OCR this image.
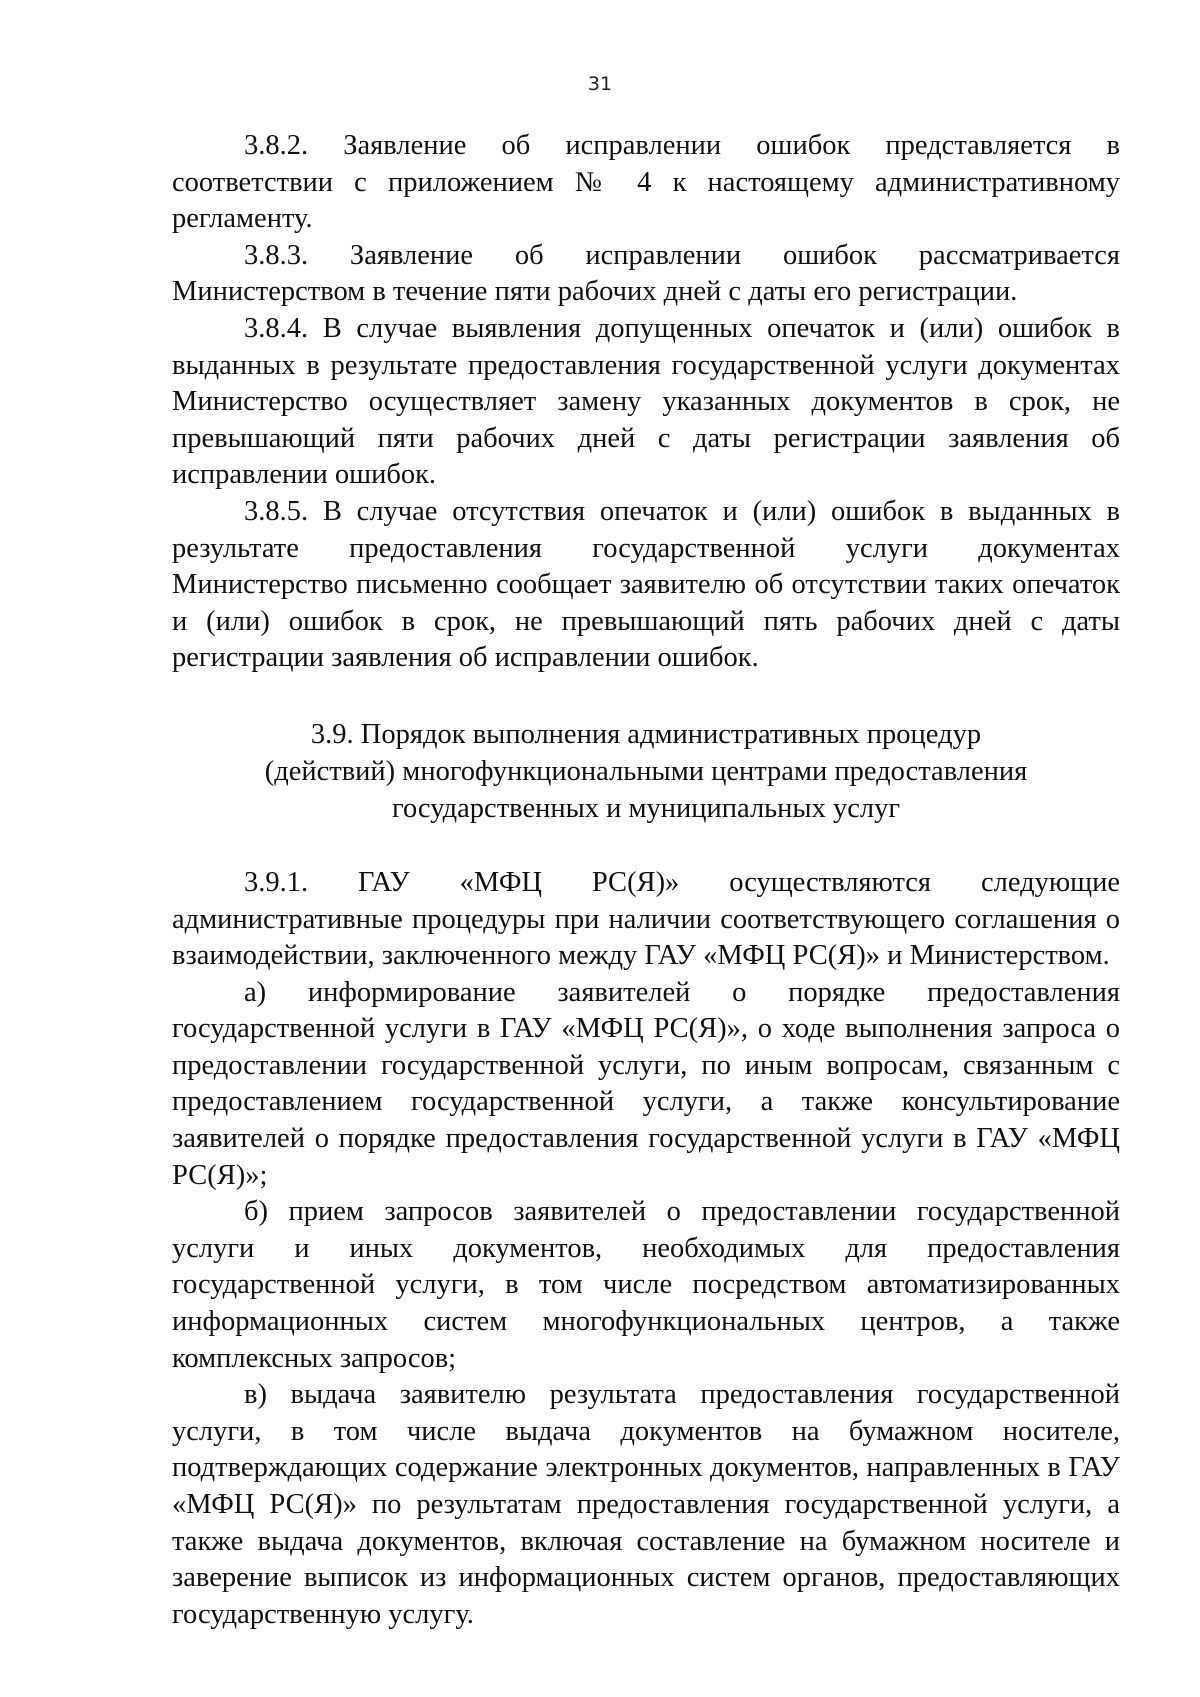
31

3.8.2. Заявление об исправлении ошибок представляется в соответствии с приложением № 4 к настоящему административному регламенту.

3.8.3. Заявление об исправлении ошибок рассматривается Министерством в течение пяти рабочих дней с даты его регистрации.

3.8.4. В случае выявления допущенных опечаток и (или) ошибок в выданных в результате предоставления государственной услуги документах Министерство осуществляет замену указанных документов в срок, не превышающий пяти рабочих дней с даты регистрации заявления об исправлении ошибок.

3.8.5. В случае отсутствия опечаток и (или) ошибок в выданных в результате предоставления государственной услуги документах Министерство письменно сообщает заявителю об отсутствии таких опечаток и (или) ошибок в срок, не превышающий пять рабочих дней с даты регистрации заявления об исправлении ошибок.

3.9. Порядок выполнения административных процедур
(действий) многофункциональными центрами предоставления
государственных и муниципальных услуг

3.9.1. ГАУ «МФЦ РС(Я)» осуществляются следующие административные процедуры при наличии соответствующего соглашения о взаимодействии, заключенного между ГАУ «МФЦ РС(Я)» и Министерством.

а) информирование заявителей о порядке предоставления государственной услуги в ГАУ «МФЦ РС(Я)», о ходе выполнения запроса о предоставлении государственной услуги, по иным вопросам, связанным с предоставлением государственной услуги, а также консультирование заявителей о порядке предоставления государственной услуги в ГАУ «МФЦ РС(Я)»;

б) прием запросов заявителей о предоставлении государственной услуги и иных документов, необходимых для предоставления государственной услуги, в том числе посредством автоматизированных информационных систем многофункциональных центров, а также комплексных запросов;

в) выдача заявителю результата предоставления государственной услуги, в том числе выдача документов на бумажном носителе, подтверждающих содержание электронных документов, направленных в ГАУ «МФЦ РС(Я)» по результатам предоставления государственной услуги, а также выдача документов, включая составление на бумажном носителе и заверение выписок из информационных систем органов, предоставляющих государственную услугу.
